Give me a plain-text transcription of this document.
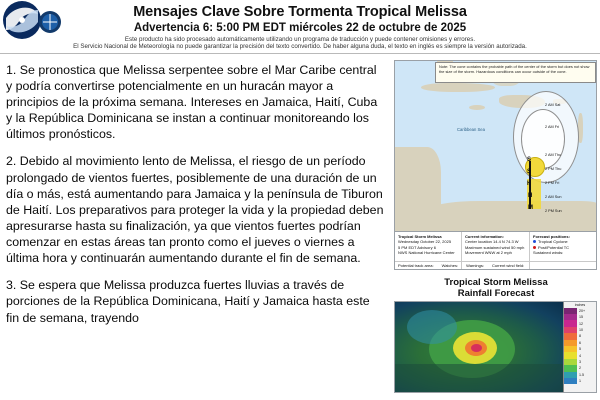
Mensajes Clave Sobre Tormenta Tropical Melissa
Advertencia 6: 5:00 PM EDT miércoles 22 de octubre de 2025
Este producto ha sido procesado automáticamente utilizando un programa de traducción y puede contener omisiones y errores.
El Servicio Nacional de Meteorología no puede garantizar la precisión del texto convertido. De haber alguna duda, el texto en inglés es siempre la versión autorizada.

1. Se pronostica que Melissa serpentee sobre el Mar Caribe central y podría convertirse potencialmente en un huracán mayor a principios de la próxima semana. Intereses en Jamaica, Haití, Cuba y la República Dominicana se instan a continuar monitoreando los últimos pronósticos.

2. Debido al movimiento lento de Melissa, el riesgo de un período prolongado de vientos fuertes, posiblemente de una duración de un día o más, está aumentando para Jamaica y la península de Tiburon de Haití. Los preparativos para proteger la vida y la propiedad deben apresurarse hasta su finalización, ya que vientos fuertes podrían comenzar en estas áreas tan pronto como el jueves o viernes a última hora y continuarán aumentando durante el fin de semana.

3. Se espera que Melissa produzca fuertes lluvias a través de porciones de la República Dominicana, Haití y Jamaica hasta este fin de semana, trayendo

Caribbean Sea
S
S
H
H
M
2 AM Sat
2 AM Fri
2 AM Thu
2 PM Thu
2 PM Fri
2 AM Sun
2 PM Sun
Note: The cone contains the probable path of the center of the storm but does not show the size of the storm. Hazardous conditions can occur outside of the cone.
Tropical Storm Melissa
Wednesday October 22, 2025
5 PM EDT Advisory 6
NWS National Hurricane Center
Current information:
Center location 14.4 N 74.3 W
Maximum sustained wind 50 mph
Movement WNW at 2 mph
Forecast positions:
Tropical Cyclone
Post/Potential TC
Sustained winds:
Potential track area: Watches: Warnings: Current wind field:
Tropical Storm Melissa
Rainfall Forecast
inches
20+
15
12
10
8
6
5
4
3
2
1.5
1
